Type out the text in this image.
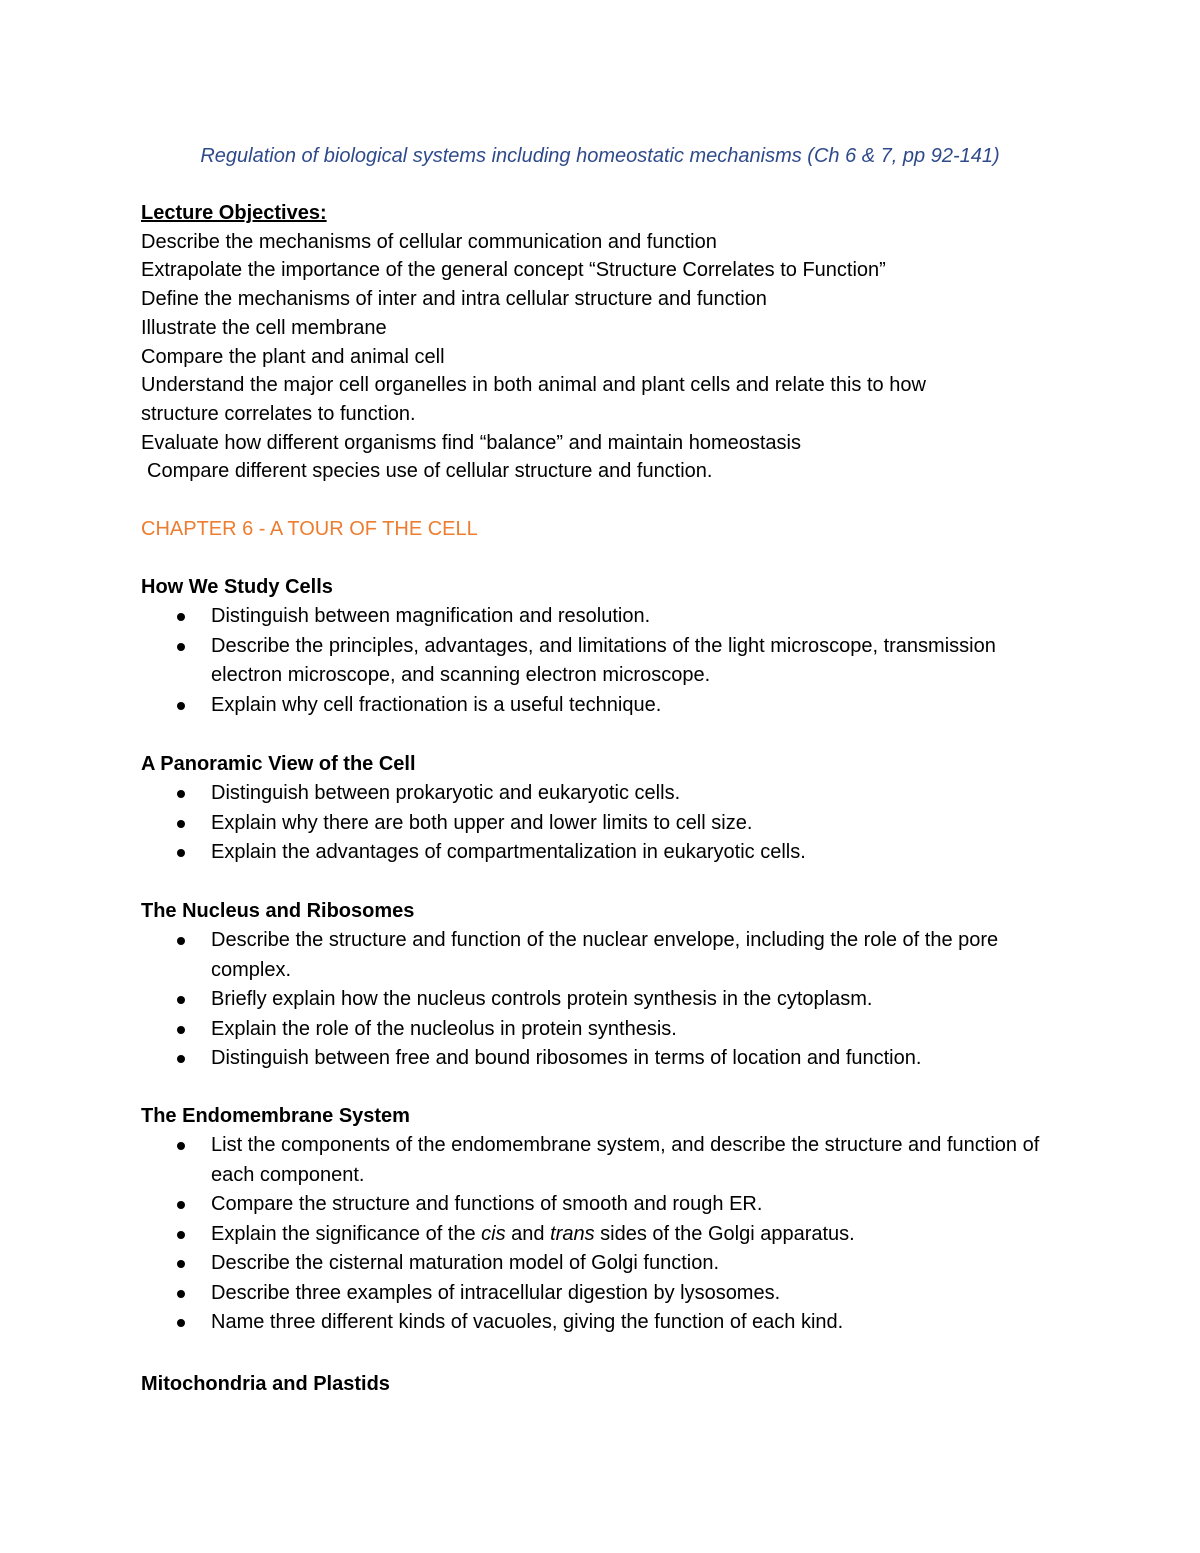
Regulation of biological systems including homeostatic mechanisms (Ch 6 & 7, pp 92-141)
Lecture Objectives:
Describe the mechanisms of cellular communication and function
Extrapolate the importance of the general concept “Structure Correlates to Function”
Define the mechanisms of inter and intra cellular structure and function
Illustrate the cell membrane
Compare the plant and animal cell
Understand the major cell organelles in both animal and plant cells and relate this to how
structure correlates to function.
Evaluate how different organisms find “balance” and maintain homeostasis
Compare different species use of cellular structure and function.
CHAPTER 6 - A TOUR OF THE CELL
How We Study Cells
Distinguish between magnification and resolution.
Describe the principles, advantages, and limitations of the light microscope, transmission electron microscope, and scanning electron microscope.
Explain why cell fractionation is a useful technique.
A Panoramic View of the Cell
Distinguish between prokaryotic and eukaryotic cells.
Explain why there are both upper and lower limits to cell size.
Explain the advantages of compartmentalization in eukaryotic cells.
The Nucleus and Ribosomes
Describe the structure and function of the nuclear envelope, including the role of the pore complex.
Briefly explain how the nucleus controls protein synthesis in the cytoplasm.
Explain the role of the nucleolus in protein synthesis.
Distinguish between free and bound ribosomes in terms of location and function.
The Endomembrane System
List the components of the endomembrane system, and describe the structure and function of each component.
Compare the structure and functions of smooth and rough ER.
Explain the significance of the cis and trans sides of the Golgi apparatus.
Describe the cisternal maturation model of Golgi function.
Describe three examples of intracellular digestion by lysosomes.
Name three different kinds of vacuoles, giving the function of each kind.
Mitochondria and Plastids
